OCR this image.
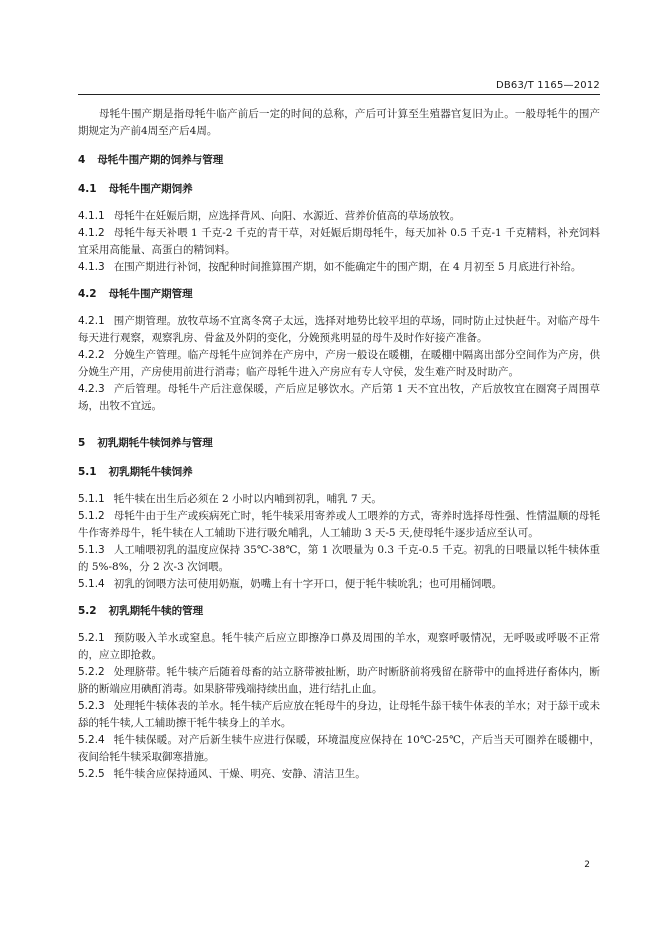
DB63/T 1165—2012

母牦牛围产期是指母牦牛临产前后一定的时间的总称，产后可计算至生殖器官复旧为止。一般母牦牛的围产期规定为产前4周至产后4周。

4 母牦牛围产期的饲养与管理
4.1 母牦牛围产期饲养

4.1.1 母牦牛在妊娠后期，应选择背风、向阳、水源近、营养价值高的草场放牧。

4.1.2 母牦牛每天补喂 1 千克-2 千克的青干草，对妊娠后期母牦牛，每天加补 0.5 千克-1 千克精料，补充饲料宜采用高能量、高蛋白的精饲料。

4.1.3 在围产期进行补饲，按配种时间推算围产期，如不能确定牛的围产期，在 4 月初至 5 月底进行补给。

4.2 母牦牛围产期管理

4.2.1 围产期管理。放牧草场不宜离冬窝子太远，选择对地势比较平坦的草场，同时防止过快赶牛。对临产母牛每天进行观察，观察乳房、骨盆及外阴的变化，分娩预兆明显的母牛及时作好接产准备。

4.2.2 分娩生产管理。临产母牦牛应饲养在产房中，产房一般设在暖棚，在暖棚中隔离出部分空间作为产房，供分娩生产用，产房使用前进行消毒；临产母牦牛进入产房应有专人守侯，发生难产时及时助产。

4.2.3 产后管理。母牦牛产后注意保暖，产后应足够饮水。产后第 1 天不宜出牧，产后放牧宜在圈窝子周围草场，出牧不宜远。

5 初乳期牦牛犊饲养与管理
5.1 初乳期牦牛犊饲养

5.1.1 牦牛犊在出生后必须在 2 小时以内哺到初乳，哺乳 7 天。

5.1.2 母牦牛由于生产或疾病死亡时，牦牛犊采用寄养或人工喂养的方式，寄养时选择母性强、性情温顺的母牦牛作寄养母牛，牦牛犊在人工辅助下进行吸允哺乳，人工辅助 3 天-5 天,使母牦牛逐步适应至认可。

5.1.3 人工哺喂初乳的温度应保持 35℃-38℃，第 1 次喂量为 0.3 千克-0.5 千克。初乳的日喂量以牦牛犊体重的 5%-8%，分 2 次-3 次饲喂。

5.1.4 初乳的饲喂方法可使用奶瓶，奶嘴上有十字开口，便于牦牛犊吮乳；也可用桶饲喂。

5.2 初乳期牦牛犊的管理

5.2.1 预防吸入羊水或窒息。牦牛犊产后应立即擦净口鼻及周围的羊水，观察呼吸情况，无呼吸或呼吸不正常的，应立即抢救。

5.2.2 处理脐带。牦牛犊产后随着母畜的站立脐带被扯断，助产时断脐前将残留在脐带中的血捋进仔畜体内，断脐的断端应用碘酊消毒。如果脐带残端持续出血，进行结扎止血。

5.2.3 处理牦牛犊体表的羊水。牦牛犊产后应放在牦母牛的身边，让母牦牛舔干犊牛体表的羊水；对于舔干或未舔的牦牛犊,人工辅助擦干牦牛犊身上的羊水。

5.2.4 牦牛犊保暖。对产后新生犊牛应进行保暖，环境温度应保持在 10℃-25℃，产后当天可圈养在暖棚中，夜间给牦牛犊采取御寒措施。

5.2.5 牦牛犊舍应保持通风、干燥、明亮、安静、清洁卫生。

2
